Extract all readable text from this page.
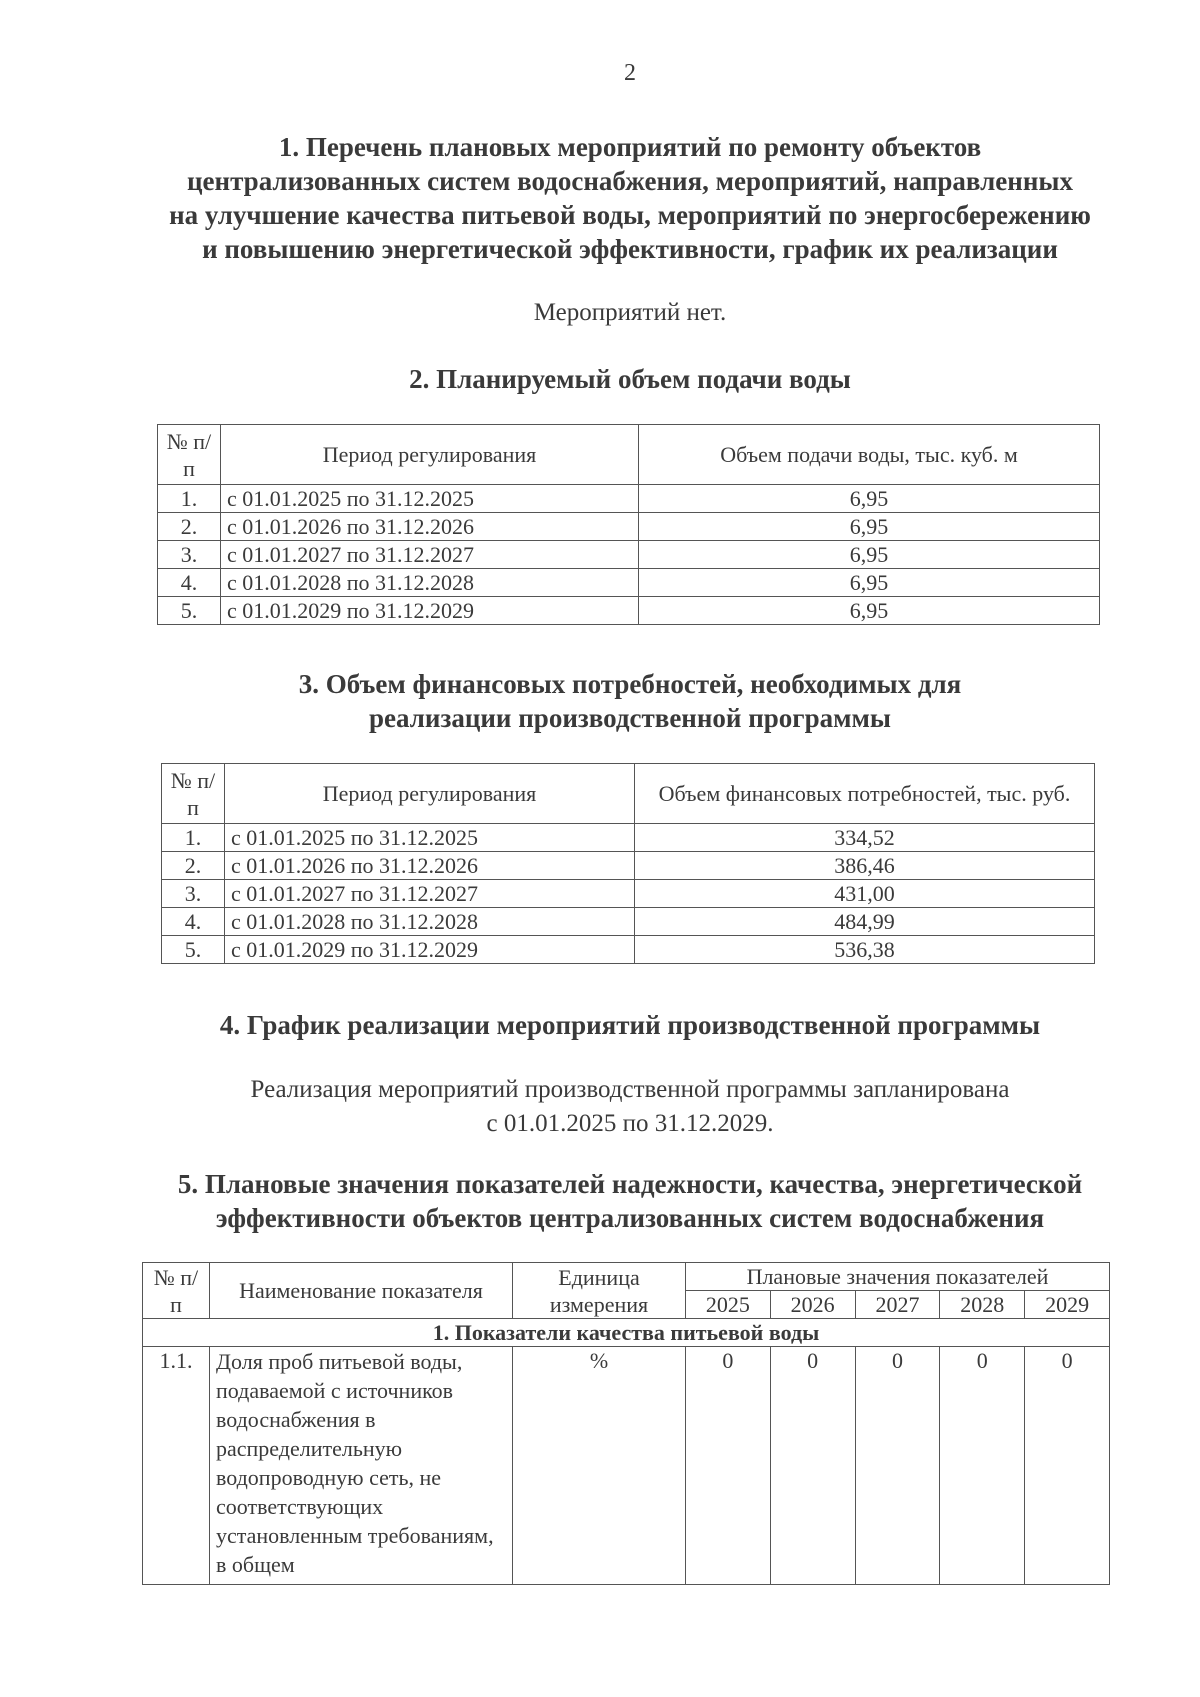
2
1. Перечень плановых мероприятий по ремонту объектов
централизованных систем водоснабжения, мероприятий, направленных
на улучшение качества питьевой воды, мероприятий по энергосбережению
и повышению энергетической эффективности, график их реализации
Мероприятий нет.
2. Планируемый объем подачи воды
№ п/п	Период регулирования	Объем подачи воды, тыс. куб. м
1.	с 01.01.2025 по 31.12.2025	6,95
2.	с 01.01.2026 по 31.12.2026	6,95
3.	с 01.01.2027 по 31.12.2027	6,95
4.	с 01.01.2028 по 31.12.2028	6,95
5.	с 01.01.2029 по 31.12.2029	6,95
3. Объем финансовых потребностей, необходимых для
реализации производственной программы
№ п/п	Период регулирования	Объем финансовых потребностей, тыс. руб.
1.	с 01.01.2025 по 31.12.2025	334,52
2.	с 01.01.2026 по 31.12.2026	386,46
3.	с 01.01.2027 по 31.12.2027	431,00
4.	с 01.01.2028 по 31.12.2028	484,99
5.	с 01.01.2029 по 31.12.2029	536,38
4. График реализации мероприятий производственной программы
Реализация мероприятий производственной программы запланирована
с 01.01.2025 по 31.12.2029.
5. Плановые значения показателей надежности, качества, энергетической
эффективности объектов централизованных систем водоснабжения
№ п/п	Наименование показателя	Единица измерения	Плановые значения показателей				
			2025	2026	2027	2028	2029
1. Показатели качества питьевой воды							
1.1.	Доля проб питьевой воды, подаваемой с источников водоснабжения в распределительную водопроводную сеть, не соответствующих установленным требованиям, в общем	%	0	0	0	0	0
